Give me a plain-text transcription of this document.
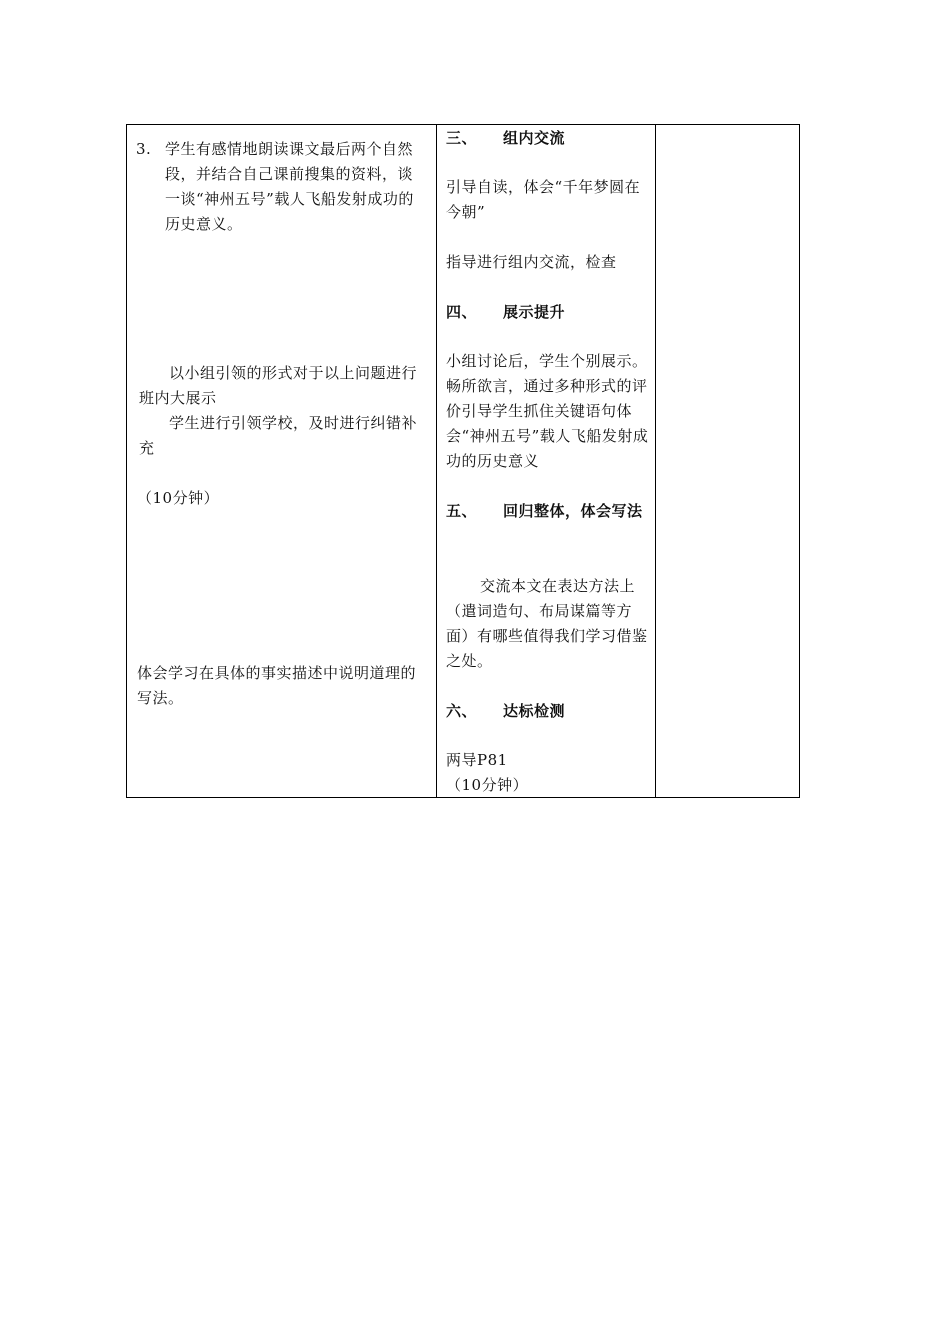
3. 学生有感情地朗读课文最后两个自然段，并结合自己课前搜集的资料，谈一谈“神州五号”载人飞船发射成功的历史意义。
以小组引领的形式对于以上问题进行班内大展示
学生进行引领学校，及时进行纠错补充
（10分钟）
体会学习在具体的事实描述中说明道理的写法。
三、 组内交流
引导自读，体会“千年梦圆在今朝”
指导进行组内交流，检查
四、 展示提升
小组讨论后，学生个别展示。畅所欲言，通过多种形式的评价引导学生抓住关键语句体会“神州五号”载人飞船发射成功的历史意义
五、 回归整体，体会写法
交流本文在表达方法上（遣词造句、布局谋篇等方面）有哪些值得我们学习借鉴之处。
六、 达标检测
两导P81
（10分钟）
